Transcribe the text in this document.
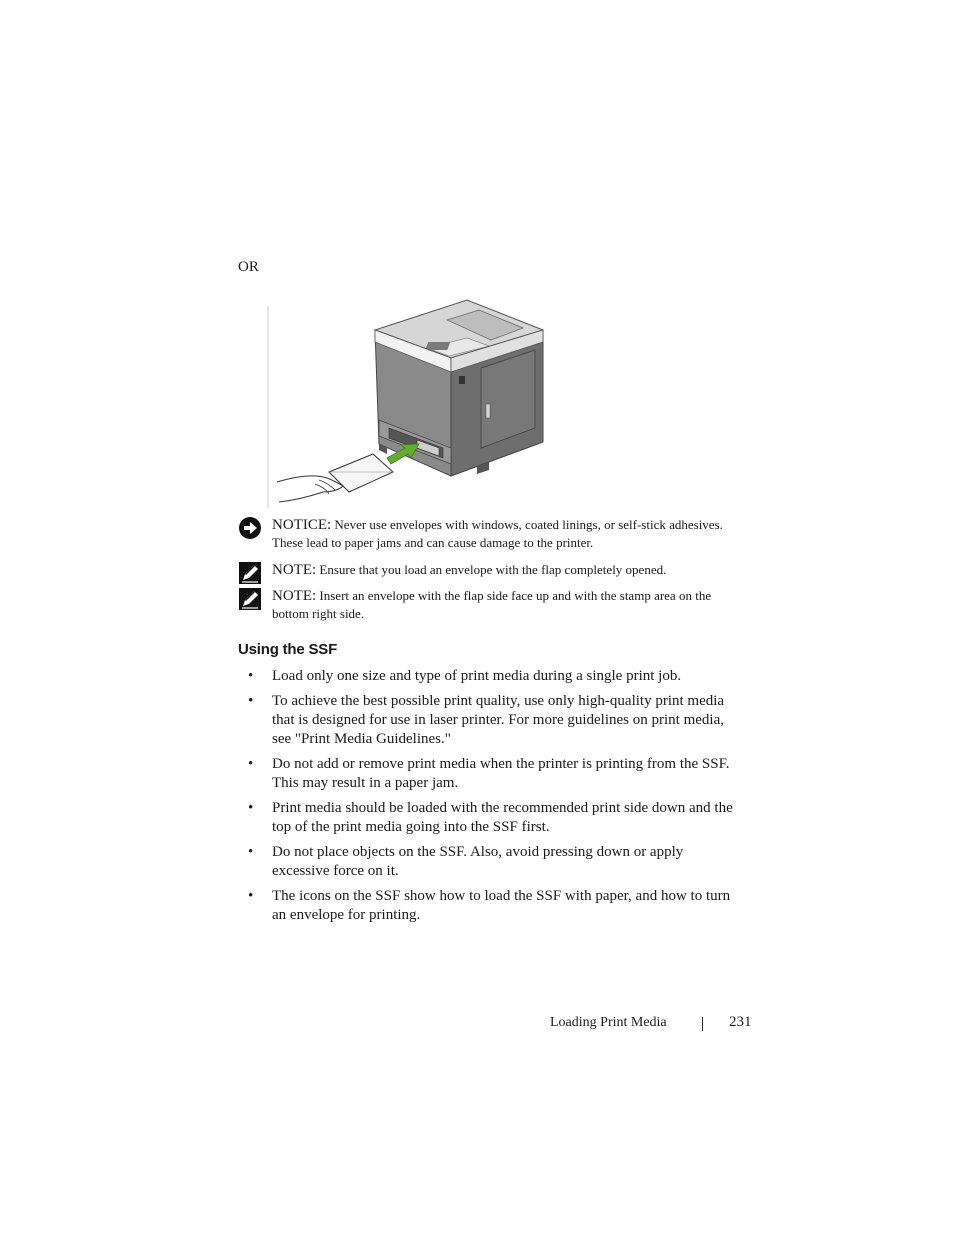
OR
NOTICE: Never use envelopes with windows, coated linings, or self-stick adhesives. These lead to paper jams and can cause damage to the printer.
NOTE: Ensure that you load an envelope with the flap completely opened.
NOTE: Insert an envelope with the flap side face up and with the stamp area on the bottom right side.
Using the SSF
• Load only one size and type of print media during a single print job.
• To achieve the best possible print quality, use only high-quality print media that is designed for use in laser printer. For more guidelines on print media, see "Print Media Guidelines."
• Do not add or remove print media when the printer is printing from the SSF. This may result in a paper jam.
• Print media should be loaded with the recommended print side down and the top of the print media going into the SSF first.
• Do not place objects on the SSF. Also, avoid pressing down or apply excessive force on it.
• The icons on the SSF show how to load the SSF with paper, and how to turn an envelope for printing.
Loading Print Media	231
